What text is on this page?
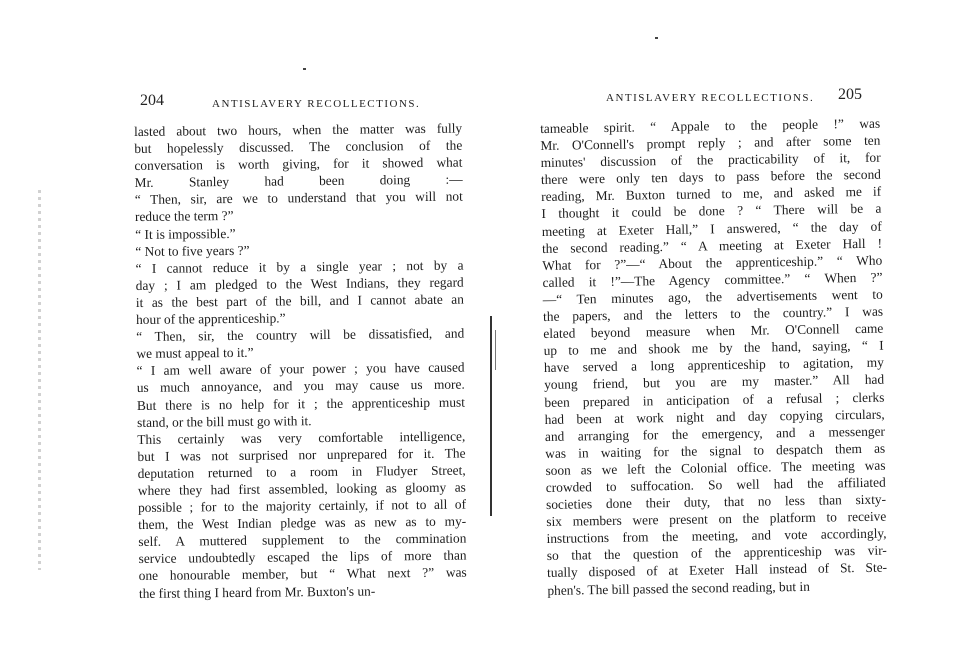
204	ANTISLAVERY RECOLLECTIONS.
lasted about two hours, when the matter was fully
but hopelessly discussed. The conclusion of the
conversation is worth giving, for it showed what
Mr. Stanley had been doing :—
“ Then, sir, are we to understand that you will not
reduce the term ?”
“ It is impossible.”
“ Not to five years ?”
“ I cannot reduce it by a single year ; not by a
day ; I am pledged to the West Indians, they regard
it as the best part of the bill, and I cannot abate an
hour of the apprenticeship.”
“ Then, sir, the country will be dissatisfied, and
we must appeal to it.”
“ I am well aware of your power ; you have caused
us much annoyance, and you may cause us more.
But there is no help for it ; the apprenticeship must
stand, or the bill must go with it.
This certainly was very comfortable intelligence,
but I was not surprised nor unprepared for it. The
deputation returned to a room in Fludyer Street,
where they had first assembled, looking as gloomy as
possible ; for to the majority certainly, if not to all of
them, the West Indian pledge was as new as to my-
self. A muttered supplement to the commination
service undoubtedly escaped the lips of more than
one honourable member, but “ What next ?” was
the first thing I heard from Mr. Buxton's un-
ANTISLAVERY RECOLLECTIONS. 205
tameable spirit. “ Appale to the people !” was
Mr. O'Connell's prompt reply ; and after some ten
minutes' discussion of the practicability of it, for
there were only ten days to pass before the second
reading, Mr. Buxton turned to me, and asked me if
I thought it could be done ? “ There will be a
meeting at Exeter Hall,” I answered, “ the day of
the second reading.” “ A meeting at Exeter Hall !
What for ?”—“ About the apprenticeship.” “ Who
called it !”—The Agency committee.” “ When ?”
—“ Ten minutes ago, the advertisements went to
the papers, and the letters to the country.” I was
elated beyond measure when Mr. O'Connell came
up to me and shook me by the hand, saying, “ I
have served a long apprenticeship to agitation, my
young friend, but you are my master.” All had
been prepared in anticipation of a refusal ; clerks
had been at work night and day copying circulars,
and arranging for the emergency, and a messenger
was in waiting for the signal to despatch them as
soon as we left the Colonial office. The meeting was
crowded to suffocation. So well had the affiliated
societies done their duty, that no less than sixty-
six members were present on the platform to receive
instructions from the meeting, and vote accordingly,
so that the question of the apprenticeship was vir-
tually disposed of at Exeter Hall instead of St. Ste-
phen's. The bill passed the second reading, but in
